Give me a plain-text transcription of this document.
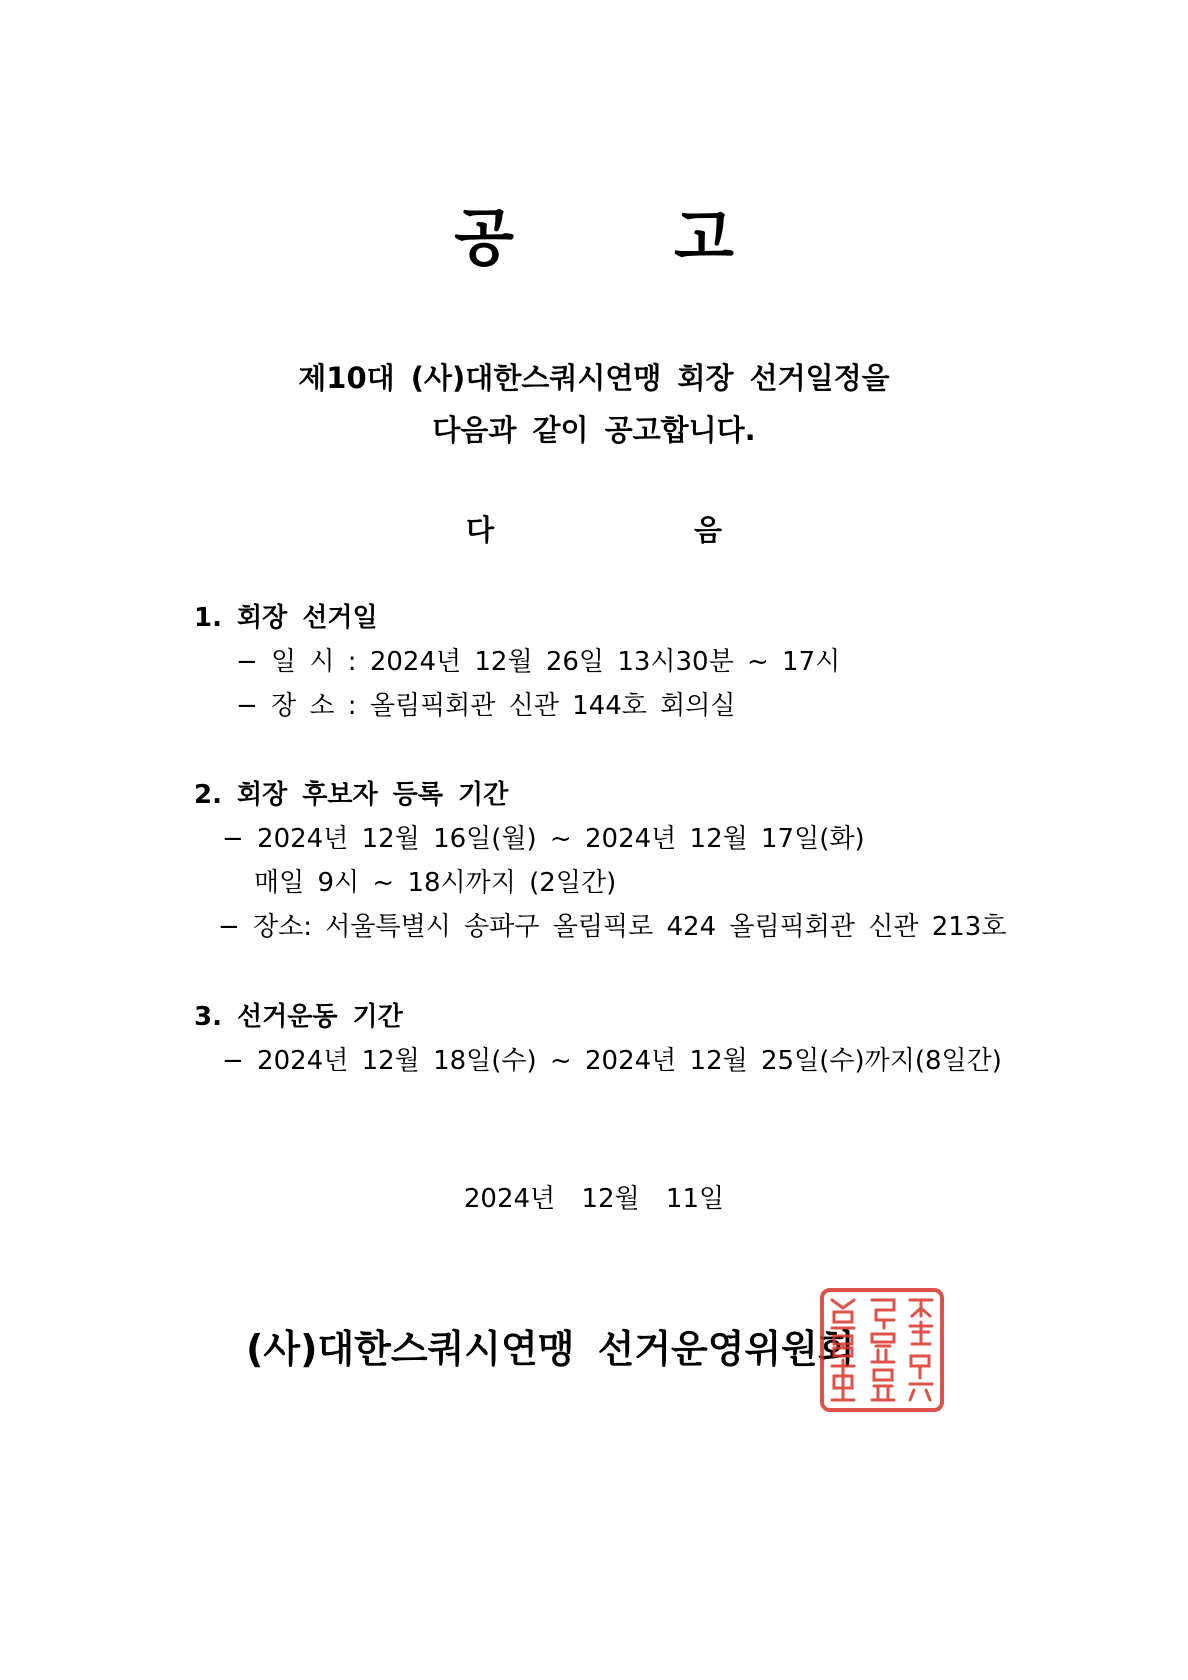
공	고
제10대 (사)대한스쿼시연맹 회장 선거일정을
다음과 같이 공고합니다.
다	음
1. 회장 선거일
− 일 시 : 2024년 12월 26일 13시30분 ~ 17시
− 장 소 : 올림픽회관 신관 144호 회의실
2. 회장 후보자 등록 기간
− 2024년 12월 16일(월) ~ 2024년 12월 17일(화)
매일 9시 ~ 18시까지 (2일간)
− 장소: 서울특별시 송파구 올림픽로 424 올림픽회관 신관 213호
3. 선거운동 기간
− 2024년 12월 18일(수) ~ 2024년 12월 25일(수)까지(8일간)
2024년 12월 11일
(사)대한스쿼시연맹 선거운영위원회
